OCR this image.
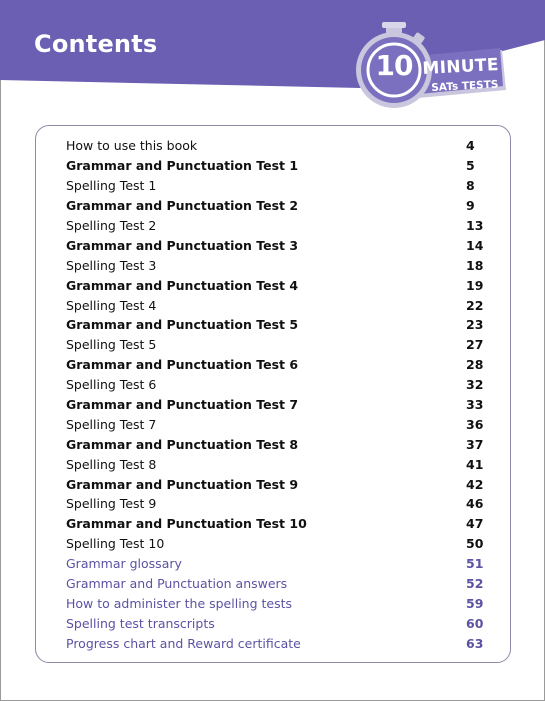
Contents
10 MINUTE
SATs TESTS
How to use this book	4
Grammar and Punctuation Test 1	5
Spelling Test 1	8
Grammar and Punctuation Test 2	9
Spelling Test 2	13
Grammar and Punctuation Test 3	14
Spelling Test 3	18
Grammar and Punctuation Test 4	19
Spelling Test 4	22
Grammar and Punctuation Test 5	23
Spelling Test 5	27
Grammar and Punctuation Test 6	28
Spelling Test 6	32
Grammar and Punctuation Test 7	33
Spelling Test 7	36
Grammar and Punctuation Test 8	37
Spelling Test 8	41
Grammar and Punctuation Test 9	42
Spelling Test 9	46
Grammar and Punctuation Test 10	47
Spelling Test 10	50
Grammar glossary	51
Grammar and Punctuation answers	52
How to administer the spelling tests	59
Spelling test transcripts	60
Progress chart and Reward certificate	63
